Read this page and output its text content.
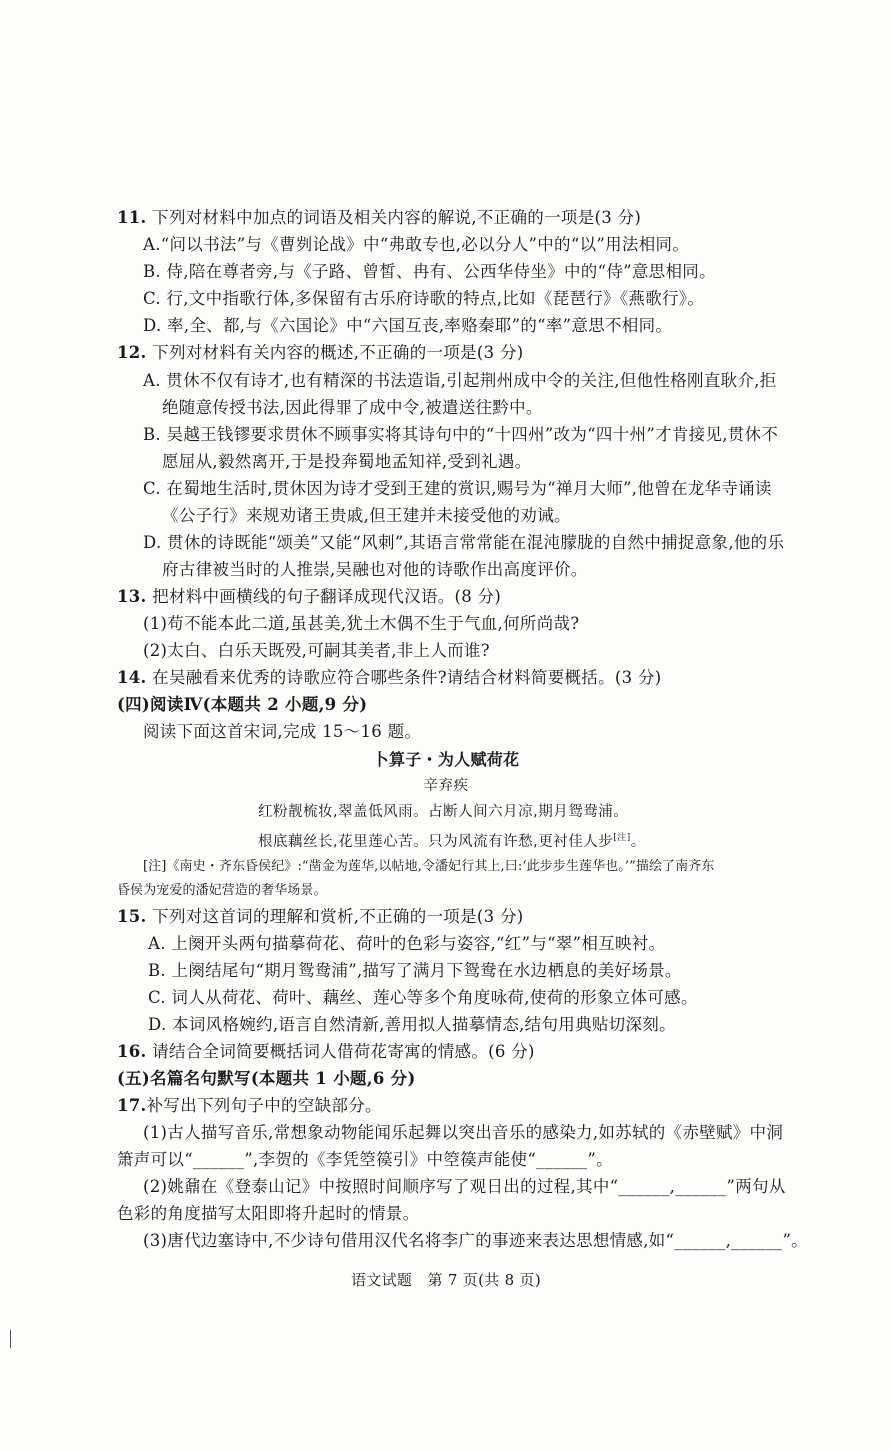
11. 下列对材料中加点的词语及相关内容的解说,不正确的一项是(3 分)
A.“问以书法”与《曹刿论战》中“弗敢专也,必以分人”中的“以”用法相同。
B. 侍,陪在尊者旁,与《子路、曾皙、冉有、公西华侍坐》中的“侍”意思相同。
C. 行,文中指歌行体,多保留有古乐府诗歌的特点,比如《琵琶行》《燕歌行》。
D. 率,全、都,与《六国论》中“六国互丧,率赂秦耶”的“率”意思不相同。
12. 下列对材料有关内容的概述,不正确的一项是(3 分)
A. 贯休不仅有诗才,也有精深的书法造诣,引起荆州成中令的关注,但他性格刚直耿介,拒
绝随意传授书法,因此得罪了成中令,被遣送往黔中。
B. 吴越王钱镠要求贯休不顾事实将其诗句中的“十四州”改为“四十州”才肯接见,贯休不
愿屈从,毅然离开,于是投奔蜀地孟知祥,受到礼遇。
C. 在蜀地生活时,贯休因为诗才受到王建的赏识,赐号为“禅月大师”,他曾在龙华寺诵读
《公子行》来规劝诸王贵戚,但王建并未接受他的劝诫。
D. 贯休的诗既能“颂美”又能“风刺”,其语言常常能在混沌朦胧的自然中捕捉意象,他的乐
府古律被当时的人推崇,吴融也对他的诗歌作出高度评价。
13. 把材料中画横线的句子翻译成现代汉语。(8 分)
(1)苟不能本此二道,虽甚美,犹土木偶不生于气血,何所尚哉?
(2)太白、白乐天既殁,可嗣其美者,非上人而谁?
14. 在吴融看来优秀的诗歌应符合哪些条件?请结合材料简要概括。(3 分)
(四)阅读Ⅳ(本题共 2 小题,9 分)
阅读下面这首宋词,完成 15～16 题。
卜算子・为人赋荷花
辛弃疾
红粉靓梳妆,翠盖低风雨。占断人间六月凉,期月鸳鸯浦。
根底藕丝长,花里莲心苦。只为风流有许愁,更衬佳人步[注]。
[注]《南史・齐东昏侯纪》:“凿金为莲华,以帖地,令潘妃行其上,曰:‘此步步生莲华也。’”描绘了南齐东
昏侯为宠爱的潘妃营造的奢华场景。
15. 下列对这首词的理解和赏析,不正确的一项是(3 分)
A. 上阕开头两句描摹荷花、荷叶的色彩与姿容,“红”与“翠”相互映衬。
B. 上阕结尾句“期月鸳鸯浦”,描写了满月下鸳鸯在水边栖息的美好场景。
C. 词人从荷花、荷叶、藕丝、莲心等多个角度咏荷,使荷的形象立体可感。
D. 本词风格婉约,语言自然清新,善用拟人描摹情态,结句用典贴切深刻。
16. 请结合全词简要概括词人借荷花寄寓的情感。(6 分)
(五)名篇名句默写(本题共 1 小题,6 分)
17.补写出下列句子中的空缺部分。
(1)古人描写音乐,常想象动物能闻乐起舞以突出音乐的感染力,如苏轼的《赤壁赋》中洞
箫声可以“______”,李贺的《李凭箜篌引》中箜篌声能使“______”。
(2)姚鼐在《登泰山记》中按照时间顺序写了观日出的过程,其中“______,______”两句从
色彩的角度描写太阳即将升起时的情景。
(3)唐代边塞诗中,不少诗句借用汉代名将李广的事迹来表达思想情感,如“______,______”。
语文试题　第 7 页(共 8 页)
